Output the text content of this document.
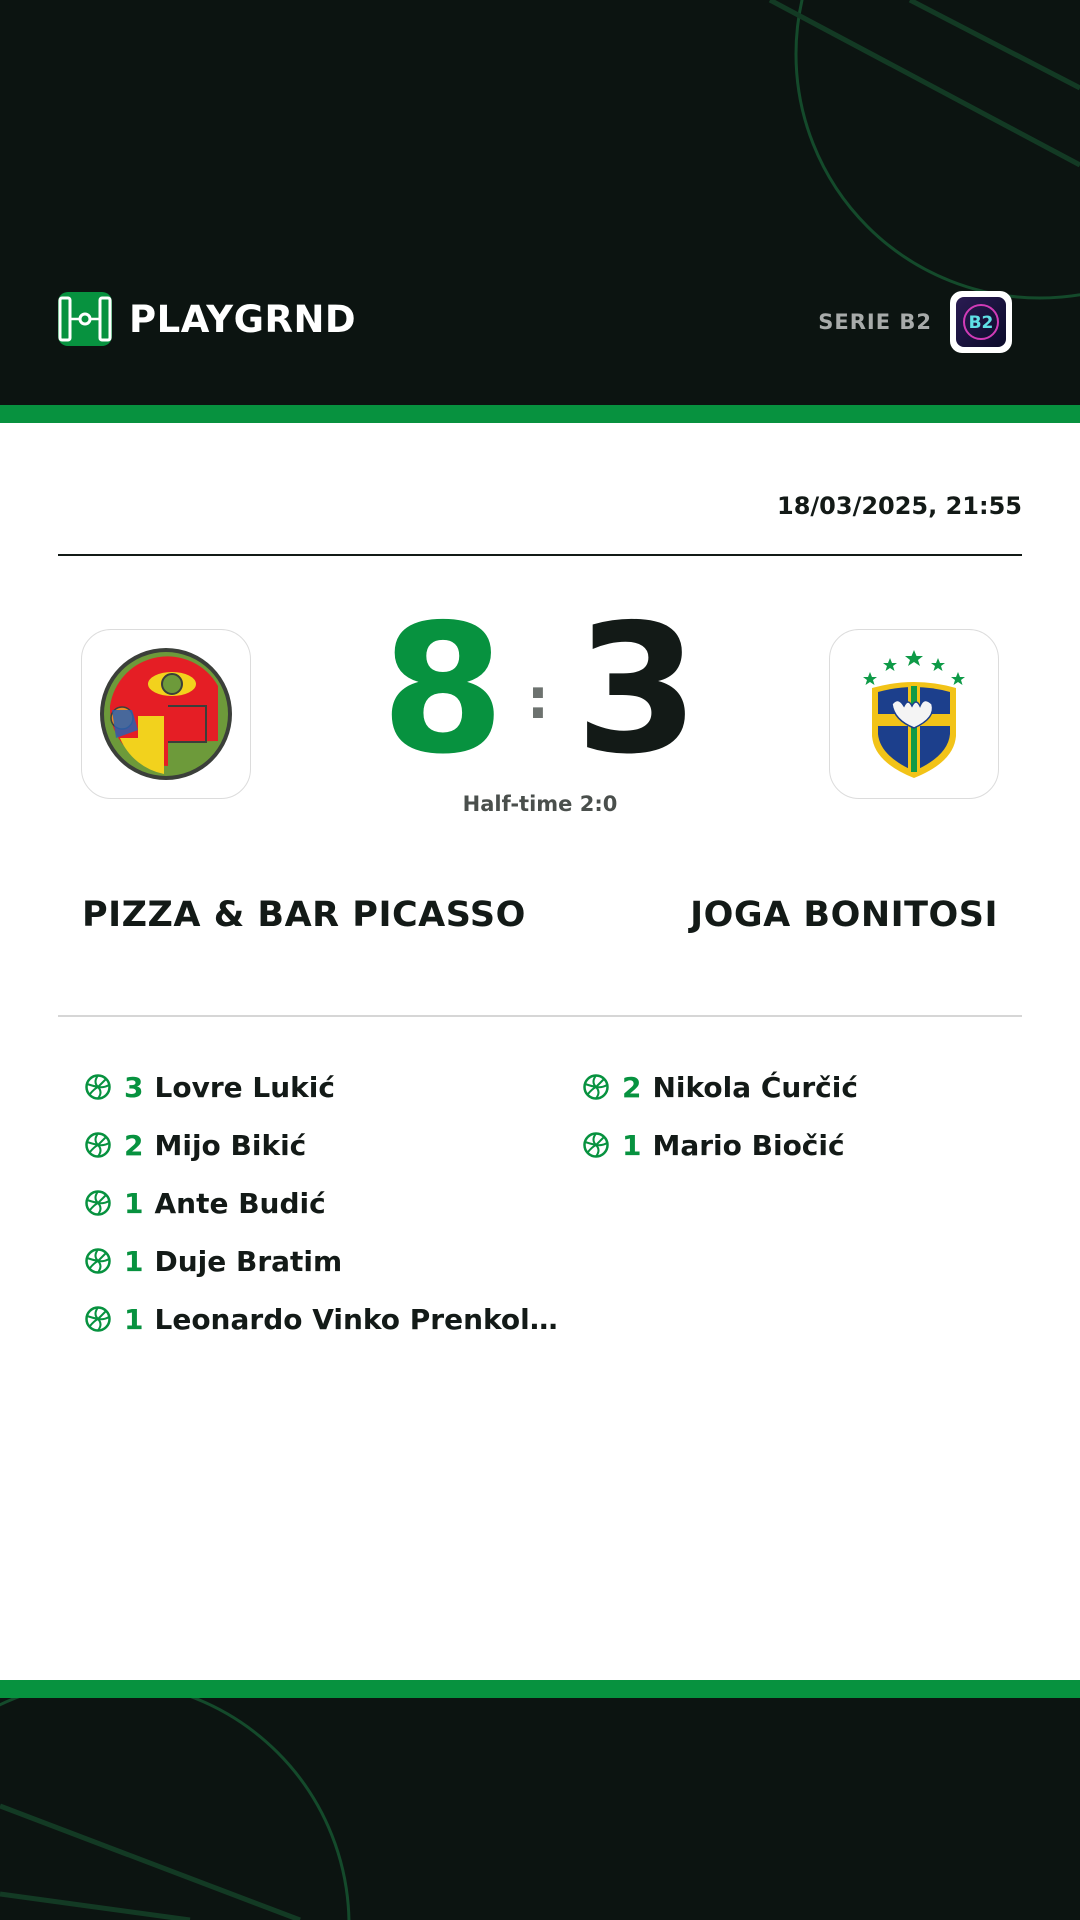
PLAYGRND	SERIE B2 B2
18/03/2025, 21:55
8 : 3
Half-time 2:0
PIZZA & BAR PICASSO	JOGA BONITOSI
3 Lovre Lukić
2 Mijo Bikić
1 Ante Budić
1 Duje Bratim
1 Leonardo Vinko Prenkol…
2 Nikola Ćurčić
1 Mario Biočić
